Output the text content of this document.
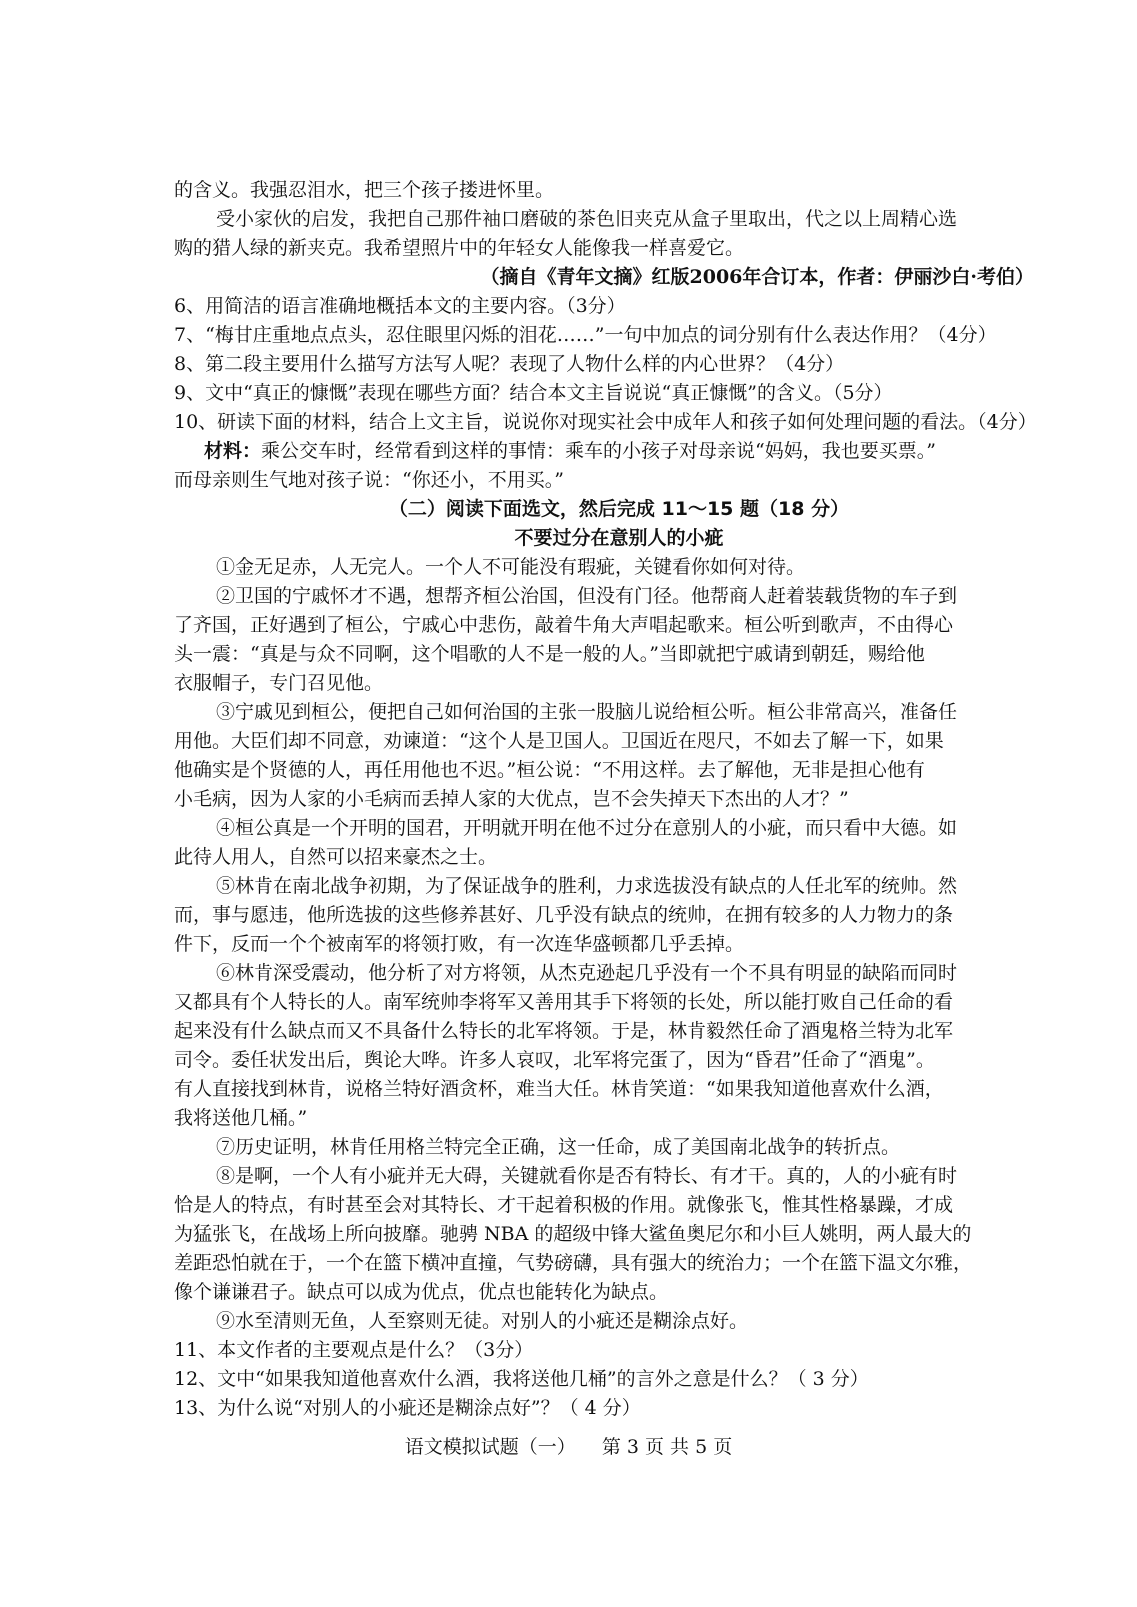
的含义。我强忍泪水，把三个孩子搂进怀里。
受小家伙的启发，我把自己那件袖口磨破的茶色旧夹克从盒子里取出，代之以上周精心选
购的猎人绿的新夹克。我希望照片中的年轻女人能像我一样喜爱它。
（摘自《青年文摘》红版2006年合订本，作者：伊丽沙白·考伯）
6、用简洁的语言准确地概括本文的主要内容。（3分）
7、“梅甘庄重地点点头，忍住眼里闪烁的泪花……”一句中加点的词分别有什么表达作用？（4分）
8、第二段主要用什么描写方法写人呢？表现了人物什么样的内心世界？（4分）
9、文中“真正的慷慨”表现在哪些方面？结合本文主旨说说“真正慷慨”的含义。（5分）
10、研读下面的材料，结合上文主旨，说说你对现实社会中成年人和孩子如何处理问题的看法。（4分）
材料：乘公交车时，经常看到这样的事情：乘车的小孩子对母亲说“妈妈，我也要买票。”
而母亲则生气地对孩子说：“你还小，不用买。”
（二）阅读下面选文，然后完成 11～15 题（18 分）
不要过分在意别人的小疵
①金无足赤，人无完人。一个人不可能没有瑕疵，关键看你如何对待。
②卫国的宁戚怀才不遇，想帮齐桓公治国，但没有门径。他帮商人赶着装载货物的车子到
了齐国，正好遇到了桓公，宁戚心中悲伤，敲着牛角大声唱起歌来。桓公听到歌声，不由得心
头一震：“真是与众不同啊，这个唱歌的人不是一般的人。”当即就把宁戚请到朝廷，赐给他
衣服帽子，专门召见他。
③宁戚见到桓公，便把自己如何治国的主张一股脑儿说给桓公听。桓公非常高兴，准备任
用他。大臣们却不同意，劝谏道：“这个人是卫国人。卫国近在咫尺，不如去了解一下，如果
他确实是个贤德的人，再任用他也不迟。”桓公说：“不用这样。去了解他，无非是担心他有
小毛病，因为人家的小毛病而丢掉人家的大优点，岂不会失掉天下杰出的人才？”
④桓公真是一个开明的国君，开明就开明在他不过分在意别人的小疵，而只看中大德。如
此待人用人，自然可以招来豪杰之士。
⑤林肯在南北战争初期，为了保证战争的胜利，力求选拔没有缺点的人任北军的统帅。然
而，事与愿违，他所选拔的这些修养甚好、几乎没有缺点的统帅，在拥有较多的人力物力的条
件下，反而一个个被南军的将领打败，有一次连华盛顿都几乎丢掉。
⑥林肯深受震动，他分析了对方将领，从杰克逊起几乎没有一个不具有明显的缺陷而同时
又都具有个人特长的人。南军统帅李将军又善用其手下将领的长处，所以能打败自己任命的看
起来没有什么缺点而又不具备什么特长的北军将领。于是，林肯毅然任命了酒鬼格兰特为北军
司令。委任状发出后，舆论大哗。许多人哀叹，北军将完蛋了，因为“昏君”任命了“酒鬼”。
有人直接找到林肯，说格兰特好酒贪杯，难当大任。林肯笑道：“如果我知道他喜欢什么酒，
我将送他几桶。”
⑦历史证明，林肯任用格兰特完全正确，这一任命，成了美国南北战争的转折点。
⑧是啊，一个人有小疵并无大碍，关键就看你是否有特长、有才干。真的，人的小疵有时
恰是人的特点，有时甚至会对其特长、才干起着积极的作用。就像张飞，惟其性格暴躁，才成
为猛张飞，在战场上所向披靡。驰骋 NBA 的超级中锋大鲨鱼奥尼尔和小巨人姚明，两人最大的
差距恐怕就在于，一个在篮下横冲直撞，气势磅礴，具有强大的统治力；一个在篮下温文尔雅，
像个谦谦君子。缺点可以成为优点，优点也能转化为缺点。
⑨水至清则无鱼，人至察则无徒。对别人的小疵还是糊涂点好。
11、本文作者的主要观点是什么？（3分）
12、文中“如果我知道他喜欢什么酒，我将送他几桶”的言外之意是什么？（ 3 分）
13、为什么说“对别人的小疵还是糊涂点好”？（ 4 分）
语文模拟试题（一） 第 3 页 共 5 页
